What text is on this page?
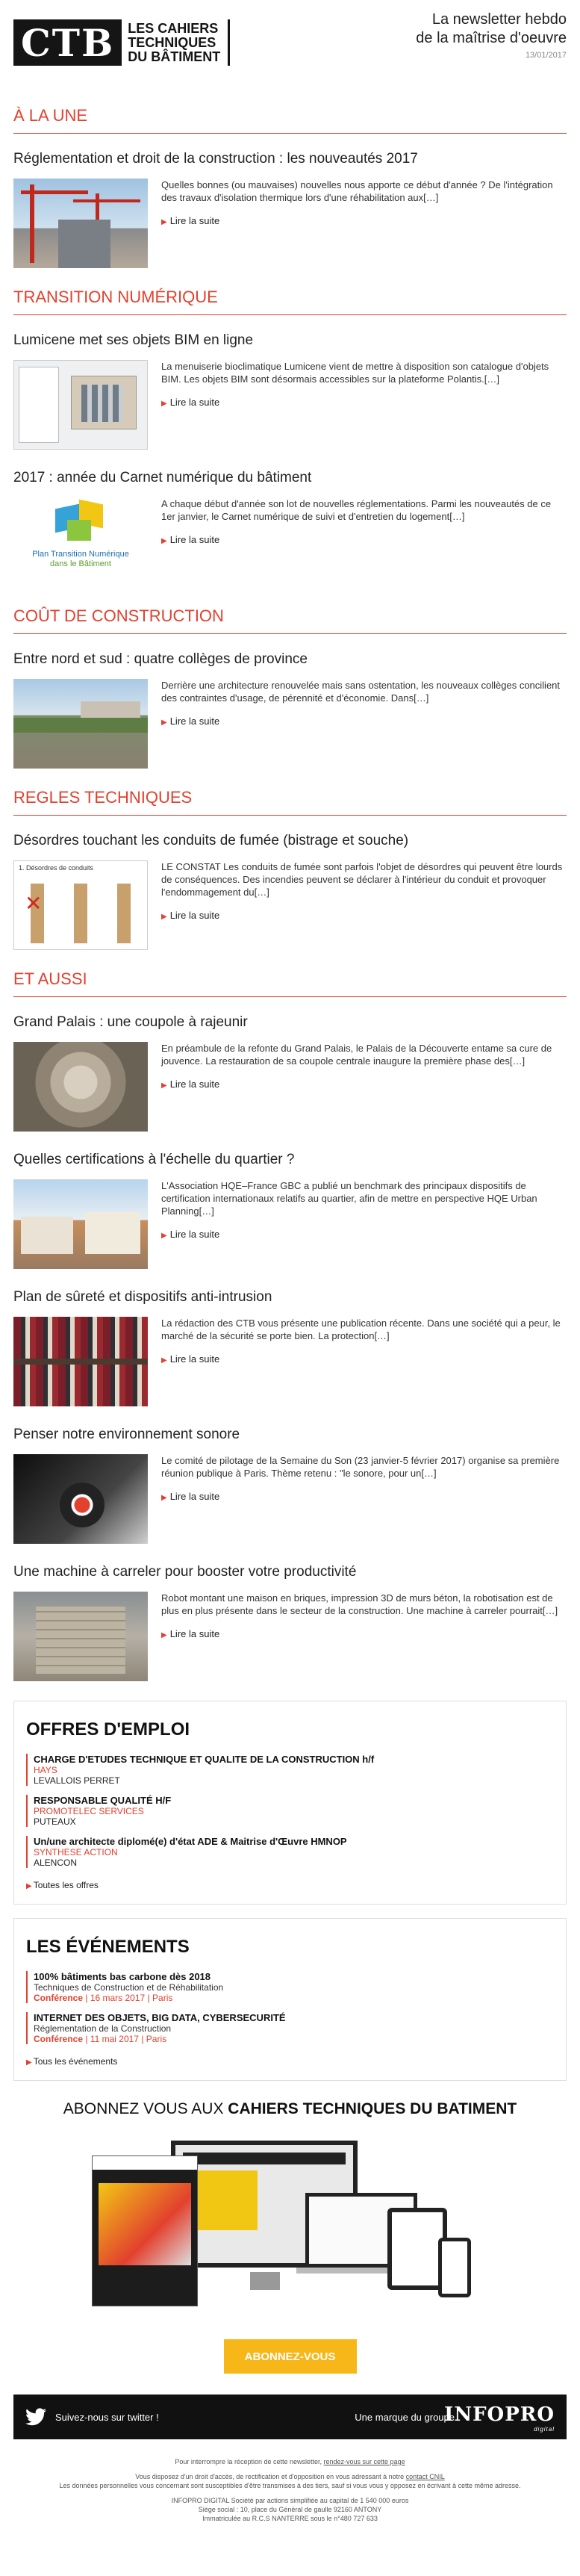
CTB	LES CAHIERS
TECHNIQUES
DU BÂTIMENT
La newsletter hebdo
de la maîtrise d'oeuvre
13/01/2017
À LA UNE
Réglementation et droit de la construction : les nouveautés 2017
Quelles bonnes (ou mauvaises) nouvelles nous apporte ce début d'année ? De l'intégration des travaux d'isolation thermique lors d'une réhabilitation aux[…]
▶ Lire la suite
TRANSITION NUMÉRIQUE
Lumicene met ses objets BIM en ligne
La menuiserie bioclimatique Lumicene vient de mettre à disposition son catalogue d'objets BIM. Les objets BIM sont désormais accessibles sur la plateforme Polantis.[…]
▶ Lire la suite
2017 : année du Carnet numérique du bâtiment
Plan Transition Numérique
dans le Bâtiment
A chaque début d'année son lot de nouvelles réglementations. Parmi les nouveautés de ce 1er janvier, le Carnet numérique de suivi et d'entretien du logement[…]
▶ Lire la suite
COÛT DE CONSTRUCTION
Entre nord et sud : quatre collèges de province
Derrière une architecture renouvelée mais sans ostentation, les nouveaux collèges concilient des contraintes d'usage, de pérennité et d'économie. Dans[…]
▶ Lire la suite
REGLES TECHNIQUES
Désordres touchant les conduits de fumée (bistrage et souche)
1. Désordres de conduits
✕
LE CONSTAT Les conduits de fumée sont parfois l'objet de désordres qui peuvent être lourds de conséquences. Des incendies peuvent se déclarer à l'intérieur du conduit et provoquer l'endommagement du[…]
▶ Lire la suite
ET AUSSI
Grand Palais : une coupole à rajeunir
En préambule de la refonte du Grand Palais, le Palais de la Découverte entame sa cure de jouvence. La restauration de sa coupole centrale inaugure la première phase des[…]
▶ Lire la suite
Quelles certifications à l'échelle du quartier ?
L'Association HQE–France GBC a publié un benchmark des principaux dispositifs de certification internationaux relatifs au quartier, afin de mettre en perspective HQE Urban Planning[…]
▶ Lire la suite
Plan de sûreté et dispositifs anti-intrusion
La rédaction des CTB vous présente une publication récente. Dans une société qui a peur, le marché de la sécurité se porte bien. La protection[…]
▶ Lire la suite
Penser notre environnement sonore
Le comité de pilotage de la Semaine du Son (23 janvier-5 février 2017) organise sa première réunion publique à Paris. Thème retenu : "le sonore, pour un[…]
▶ Lire la suite
Une machine à carreler pour booster votre productivité
Robot montant une maison en briques, impression 3D de murs béton, la robotisation est de plus en plus présente dans le secteur de la construction. Une machine à carreler pourrait[…]
▶ Lire la suite
OFFRES D'EMPLOI
CHARGE D'ETUDES TECHNIQUE ET QUALITE DE LA CONSTRUCTION h/f
HAYS
LEVALLOIS PERRET
RESPONSABLE QUALITÉ H/F
PROMOTELEC SERVICES
PUTEAUX
Un/une architecte diplomé(e) d'état ADE & Maitrise d'Œuvre HMNOP
SYNTHESE ACTION
ALENCON
▶ Toutes les offres
LES ÉVÉNEMENTS
100% bâtiments bas carbone dès 2018
Techniques de Construction et de Réhabilitation
Conférence | 16 mars 2017 | Paris
INTERNET DES OBJETS, BIG DATA, CYBERSECURITÉ
Réglementation de la Construction
Conférence | 11 mai 2017 | Paris
▶ Tous les événements
ABONNEZ VOUS AUX CAHIERS TECHNIQUES DU BATIMENT
ABONNEZ-VOUS
Suivez-nous sur twitter !	Une marque du groupe
INFOPRO
digital

Pour interrompre la réception de cette newsletter, rendez-vous sur cette page

Vous disposez d'un droit d'accès, de rectification et d'opposition en vous adressant à notre contact CNIL
Les données personnelles vous concernant sont susceptibles d'être transmises à des tiers, sauf si vous vous y opposez en écrivant à cette même adresse.

INFOPRO DIGITAL Société par actions simplifiée au capital de 1 540 000 euros
Siège social : 10, place du Général de gaulle 92160 ANTONY
Immatriculée au R.C.S NANTERRE sous le n°480 727 633
